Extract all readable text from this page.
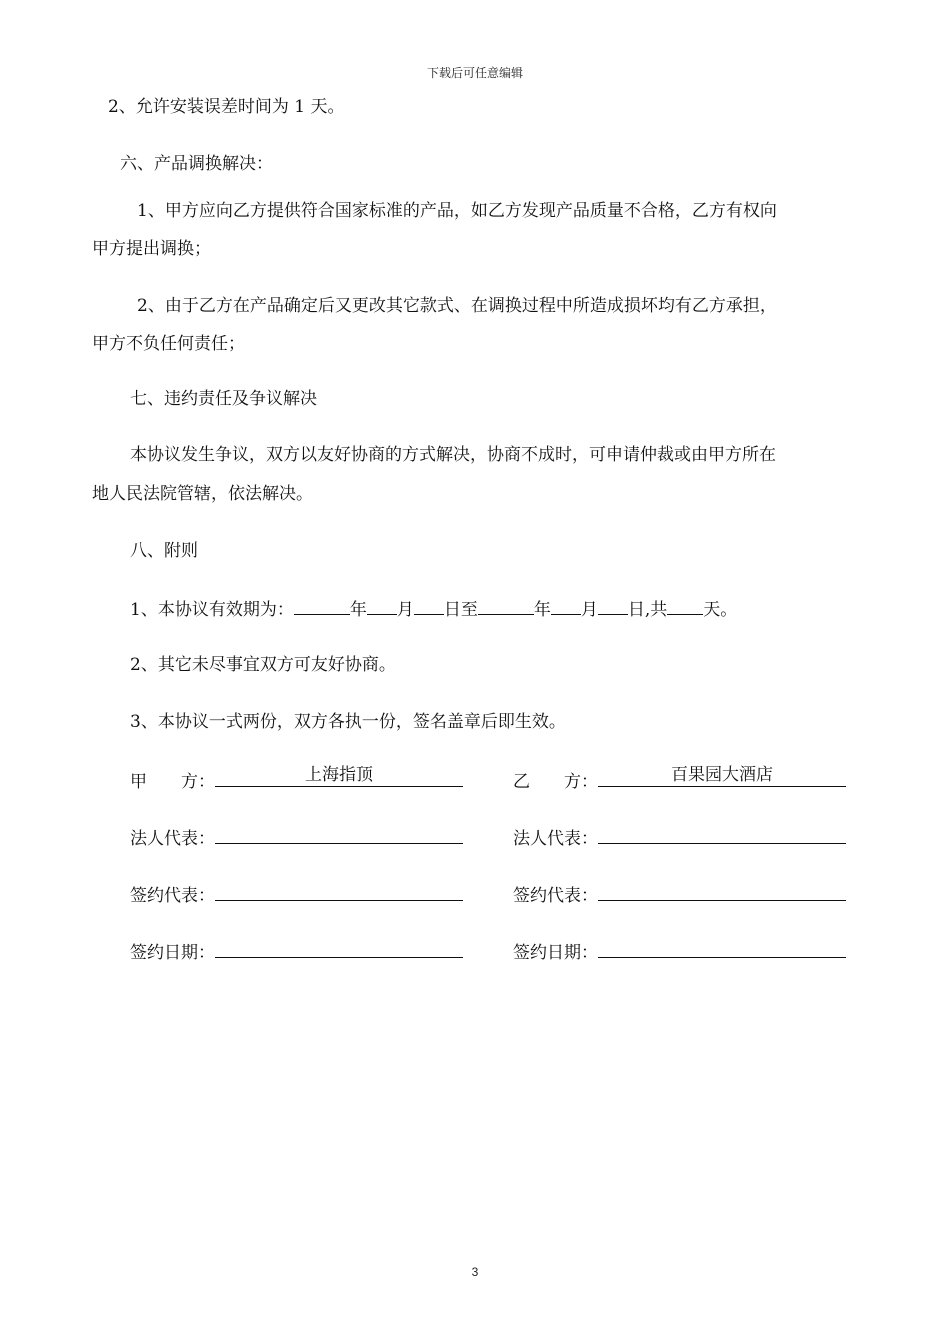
下载后可任意编辑
2、允许安装误差时间为 1 天。
六、产品调换解决：
1、甲方应向乙方提供符合国家标准的产品，如乙方发现产品质量不合格，乙方有权向
甲方提出调换；
2、由于乙方在产品确定后又更改其它款式、在调换过程中所造成损坏均有乙方承担，
甲方不负任何责任；
七、违约责任及争议解决
本协议发生争议，双方以友好协商的方式解决，协商不成时，可申请仲裁或由甲方所在
地人民法院管辖，依法解决。
八、附则
1、本协议有效期为：	年 月 日至	年 月 日,共 天。
2、其它未尽事宜双方可友好协商。
3、本协议一式两份，双方各执一份，签名盖章后即生效。
甲　　方：	上海指顶	乙　　方：	百果园大酒店
法人代表：	法人代表：
签约代表：	签约代表：
签约日期：	签约日期：
3
